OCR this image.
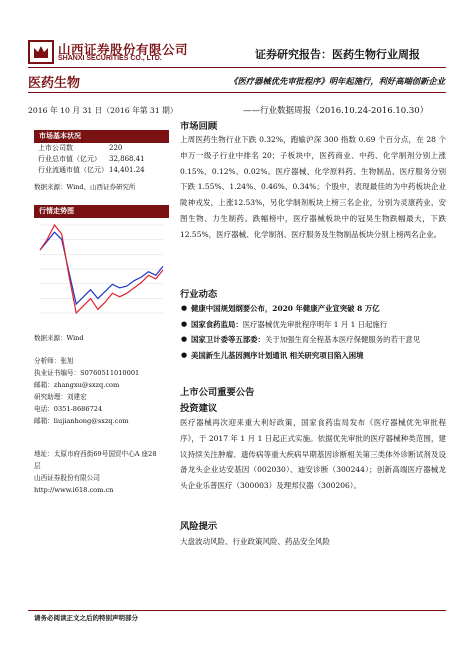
山西证券股份有限公司
SHANXI SECURITIES CO., LTD.	证券研究报告：医药生物行业周报
医药生物	《医疗器械优先审批程序》明年起施行，利好高端创新企业
2016 年 10 月 31 日（2016 年第 31 期）	——行业数据周报（2016.10.24-2016.10.30）
市场基本状况
上市公司数	220
行业总市值（亿元）	32,868.41
行业流通市值（亿元） 14,401.24
数据来源：Wind、山西证券研究所
行情走势图
数据来源：Wind
分析师：张旭
执业证书编号：S0760511010001
邮箱：zhangxu@sxzq.com
研究助理：刘建宏
电话：0351-8686724
邮箱：liujianhong@sxzq.com
地址：太原市府西街69号国贸中心A 座28 层
山西证券股份有限公司
http://www.i618.com.cn
市场回顾
上周医药生物行业下跌 0.32%，跑输沪深 300 指数 0.69 个百分点，在 28 个申万一级子行业中排名 20；子板块中，医药商业、中药、化学制剂分别上涨 0.15%、0.12%、0.02%。医疗器械、化学原料药、生物制品、医疗服务分别下跌 1.55%、1.24%、0.46%、0.34%；个股中，表现最佳的为中药板块企业陇神戎发，上涨12.53%，另化学制剂板块上榜三名企业，分别为灵康药业、安图生物、力生制药。跌幅榜中，医疗器械板块中的冠昊生物跌幅最大，下跌 12.55%，医疗器械、化学制剂、医疗服务及生物制品板块分别上榜两名企业。
行业动态
● 健康中国规划纲要公布，2020 年健康产业宣突破 8 万亿
● 国家食药监局：医疗器械优先审批程序明年 1 月 1 日起施行
● 国家卫计委等五部委：关于加强生育全程基本医疗保健服务的若干意见
● 美国新生儿基因测序计划通讯 相关研究项目陷入困境
上市公司重要公告
投资建议
医疗器械再次迎来重大利好政策，国家食药监局发布《医疗器械优先审批程序》，于 2017 年 1 月 1 日起正式实施。依据优先审批的医疗器械种类范围，建议持续关注肿瘤、遗传病等重大疾病早期基因诊断相关第三类体外诊断试剂及设备龙头企业达安基因（002030）、迪安诊断（300244）；创新高端医疗器械龙头企业乐普医疗（300003）及理邦仪器（300206）。
风险提示
大盘波动风险、行业政策风险、药品安全风险
请务必阅读正文之后的特别声明部分
